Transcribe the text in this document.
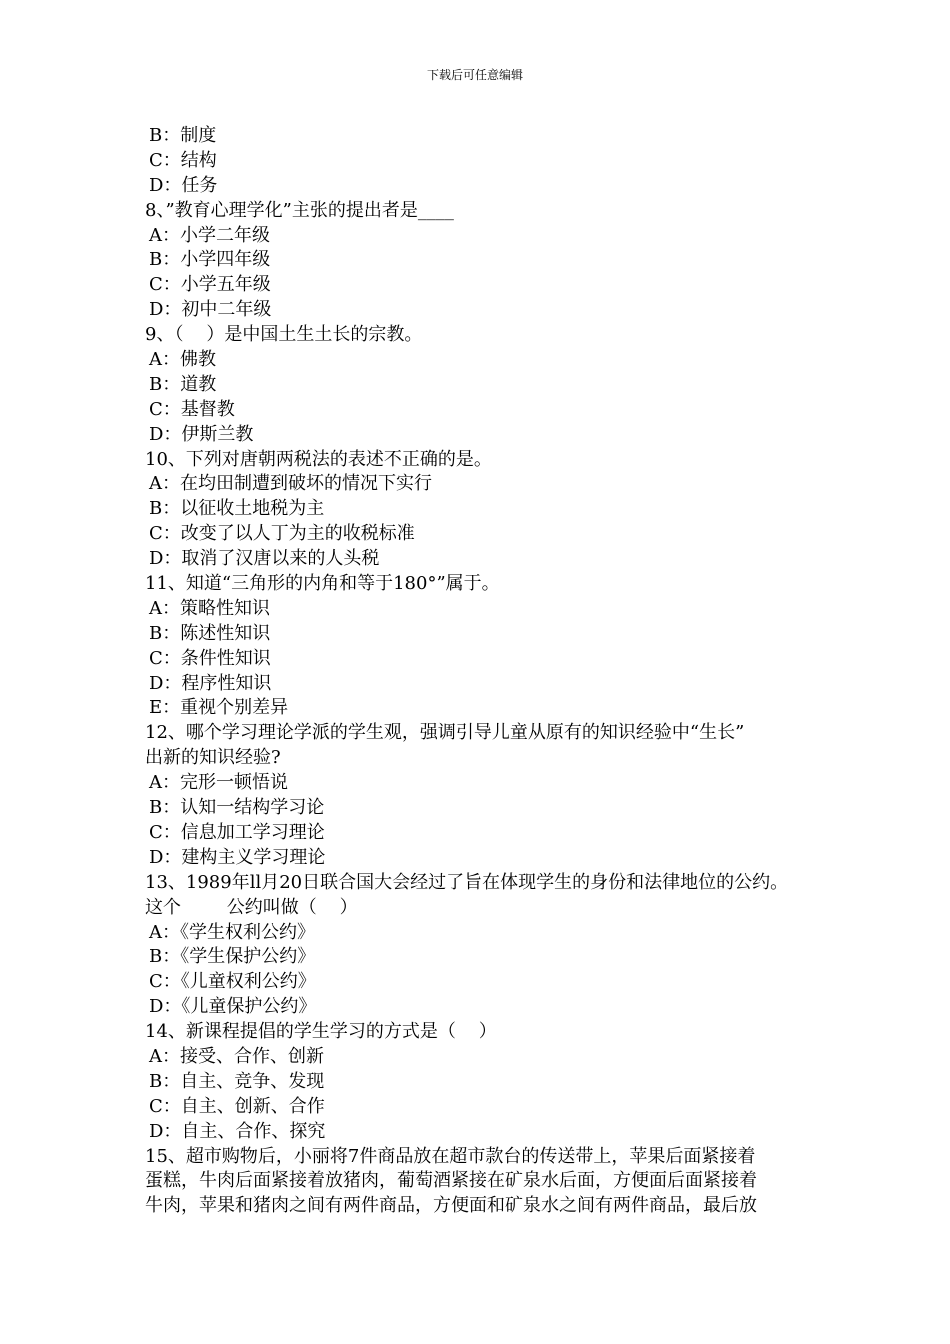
下载后可任意编辑
B：制度
C：结构
D：任务
8、”教育心理学化”主张的提出者是____
A：小学二年级
B：小学四年级
C：小学五年级
D：初中二年级
9、（    ）是中国土生土长的宗教。
A：佛教
B：道教
C：基督教
D：伊斯兰教
10、下列对唐朝两税法的表述不正确的是。
A：在均田制遭到破坏的情况下实行
B：以征收土地税为主
C：改变了以人丁为主的收税标准
D：取消了汉唐以来的人头税
11、知道“三角形的内角和等于180°”属于。
A：策略性知识
B：陈述性知识
C：条件性知识
D：程序性知识
E：重视个别差异
12、哪个学习理论学派的学生观，强调引导儿童从原有的知识经验中“生长”
出新的知识经验?
A：完形一顿悟说
B：认知一结构学习论
C：信息加工学习理论
D：建构主义学习理论
13、1989年ll月20日联合国大会经过了旨在体现学生的身份和法律地位的公约。
这个        公约叫做（    ）
A：《学生权利公约》
B：《学生保护公约》
C：《儿童权利公约》
D：《儿童保护公约》
14、新课程提倡的学生学习的方式是（    ）
A：接受、合作、创新
B：自主、竞争、发现
C：自主、创新、合作
D：自主、合作、探究
15、超市购物后，小丽将7件商品放在超市款台的传送带上，苹果后面紧接着
蛋糕，牛肉后面紧接着放猪肉，葡萄酒紧接在矿泉水后面，方便面后面紧接着
牛肉，苹果和猪肉之间有两件商品，方便面和矿泉水之间有两件商品，最后放
